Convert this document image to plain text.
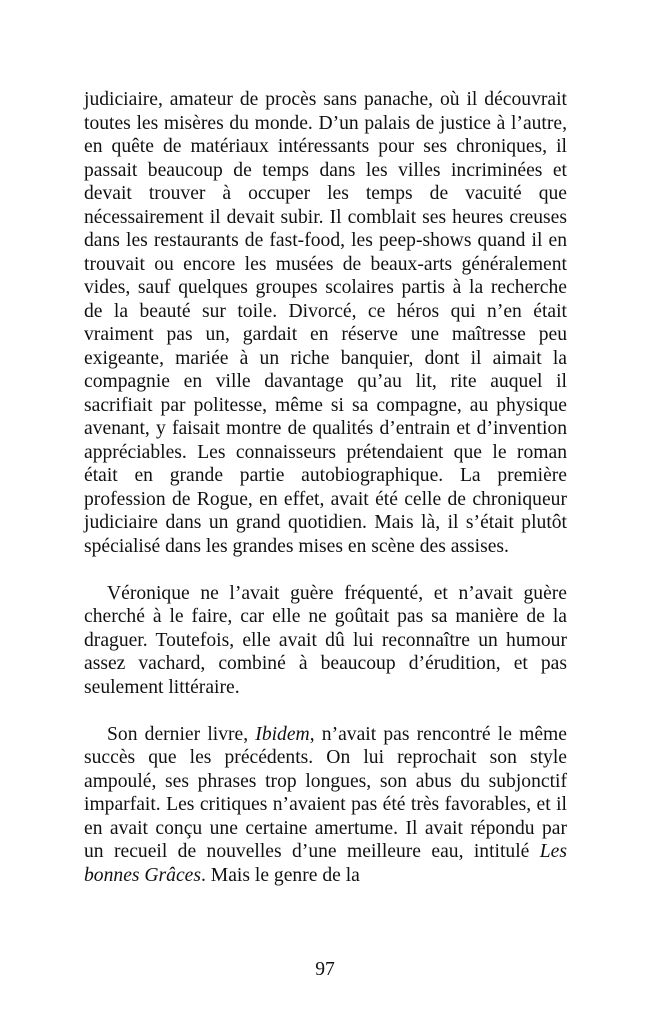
judiciaire, amateur de procès sans panache, où il découvrait toutes les misères du monde. D’un palais de justice à l’autre, en quête de matériaux intéressants pour ses chroniques, il passait beaucoup de temps dans les villes incriminées et devait trouver à occuper les temps de vacuité que nécessairement il devait subir. Il comblait ses heures creuses dans les restaurants de fast-food, les peep-shows quand il en trouvait ou encore les musées de beaux-arts généralement vides, sauf quelques groupes scolaires partis à la recherche de la beauté sur toile. Divorcé, ce héros qui n’en était vraiment pas un, gardait en réserve une maîtresse peu exigeante, mariée à un riche banquier, dont il aimait la compagnie en ville davantage qu’au lit, rite auquel il sacrifiait par politesse, même si sa compagne, au physique avenant, y faisait montre de qualités d’entrain et d’invention appréciables. Les connaisseurs prétendaient que le roman était en grande partie autobiographique. La première profession de Rogue, en effet, avait été celle de chroniqueur judiciaire dans un grand quotidien. Mais là, il s’était plutôt spécialisé dans les grandes mises en scène des assises.

Véronique ne l’avait guère fréquenté, et n’avait guère cherché à le faire, car elle ne goûtait pas sa manière de la draguer. Toutefois, elle avait dû lui reconnaître un humour assez vachard, combiné à beaucoup d’érudition, et pas seulement littéraire.

Son dernier livre, Ibidem, n’avait pas rencontré le même succès que les précédents. On lui reprochait son style ampoulé, ses phrases trop longues, son abus du subjonctif imparfait. Les critiques n’avaient pas été très favorables, et il en avait conçu une certaine amertume. Il avait répondu par un recueil de nouvelles d’une meilleure eau, intitulé Les bonnes Grâces. Mais le genre de la

97
